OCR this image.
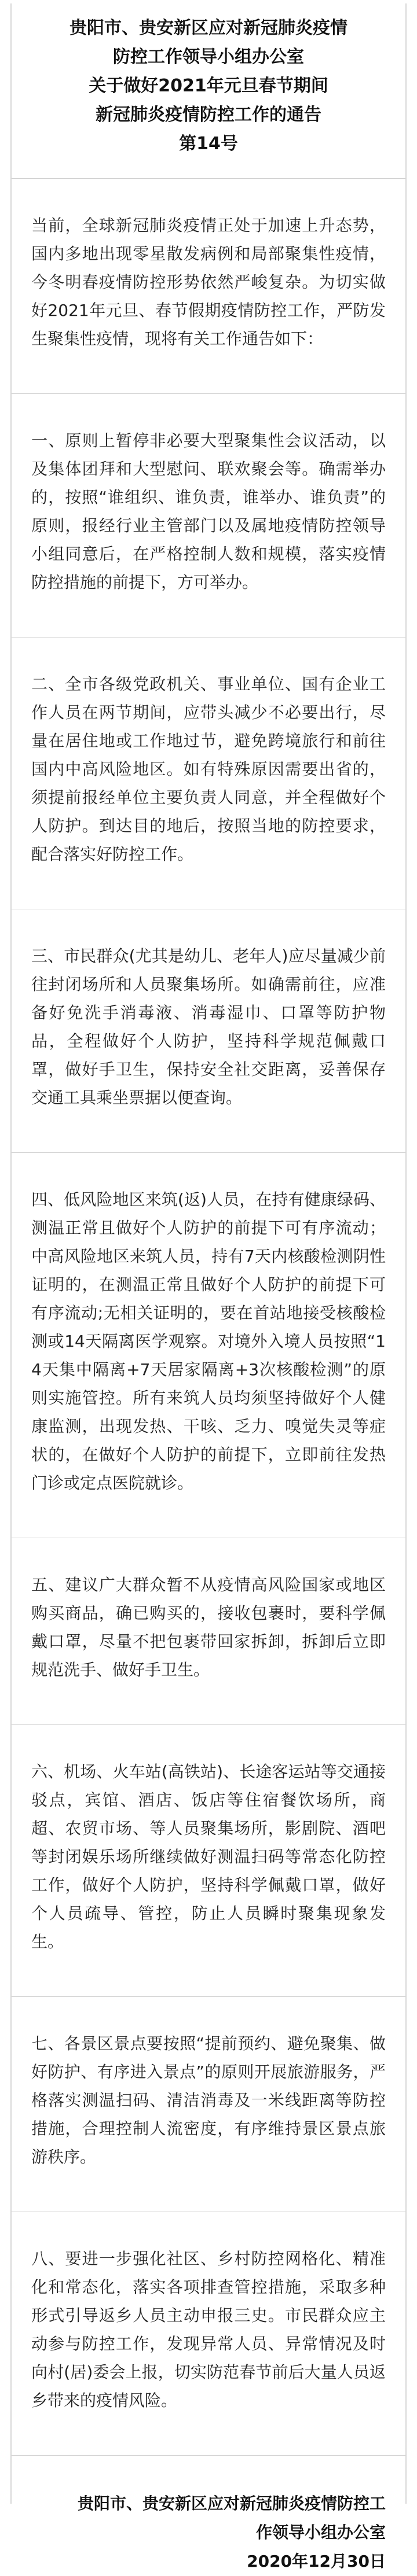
贵阳市、贵安新区应对新冠肺炎疫情

防控工作领导小组办公室

关于做好2021年元旦春节期间

新冠肺炎疫情防控工作的通告

第14号

当前，全球新冠肺炎疫情正处于加速上升态势，国内多地出现零星散发病例和局部聚集性疫情，今冬明春疫情防控形势依然严峻复杂。为切实做好2021年元旦、春节假期疫情防控工作，严防发生聚集性疫情，现将有关工作通告如下：

一、原则上暂停非必要大型聚集性会议活动，以及集体团拜和大型慰问、联欢聚会等。确需举办的，按照“谁组织、谁负责，谁举办、谁负责”的原则，报经行业主管部门以及属地疫情防控领导小组同意后，在严格控制人数和规模，落实疫情防控措施的前提下，方可举办。

二、全市各级党政机关、事业单位、国有企业工作人员在两节期间，应带头减少不必要出行，尽量在居住地或工作地过节，避免跨境旅行和前往国内中高风险地区。如有特殊原因需要出省的，须提前报经单位主要负责人同意，并全程做好个人防护。到达目的地后，按照当地的防控要求，配合落实好防控工作。

三、市民群众(尤其是幼儿、老年人)应尽量减少前往封闭场所和人员聚集场所。如确需前往，应准备好免洗手消毒液、消毒湿巾、口罩等防护物品，全程做好个人防护，坚持科学规范佩戴口罩，做好手卫生，保持安全社交距离，妥善保存交通工具乘坐票据以便查询。

四、低风险地区来筑(返)人员，在持有健康绿码、测温正常且做好个人防护的前提下可有序流动；中高风险地区来筑人员，持有7天内核酸检测阴性证明的，在测温正常且做好个人防护的前提下可有序流动;无相关证明的，要在首站地接受核酸检测或14天隔离医学观察。对境外入境人员按照“14天集中隔离+7天居家隔离+3次核酸检测”的原则实施管控。所有来筑人员均须坚持做好个人健康监测，出现发热、干咳、乏力、嗅觉失灵等症状的，在做好个人防护的前提下，立即前往发热门诊或定点医院就诊。

五、建议广大群众暂不从疫情高风险国家或地区购买商品，确已购买的，接收包裹时，要科学佩戴口罩，尽量不把包裹带回家拆卸，拆卸后立即规范洗手、做好手卫生。

六、机场、火车站(高铁站)、长途客运站等交通接驳点，宾馆、酒店、饭店等住宿餐饮场所，商超、农贸市场、等人员聚集场所，影剧院、酒吧等封闭娱乐场所继续做好测温扫码等常态化防控工作，做好个人防护，坚持科学佩戴口罩，做好个人员疏导、管控，防止人员瞬时聚集现象发生。

七、各景区景点要按照“提前预约、避免聚集、做好防护、有序进入景点”的原则开展旅游服务，严格落实测温扫码、清洁消毒及一米线距离等防控措施，合理控制人流密度，有序维持景区景点旅游秩序。

八、要进一步强化社区、乡村防控网格化、精准化和常态化，落实各项排查管控措施，采取多种形式引导返乡人员主动申报三史。市民群众应主动参与防控工作，发现异常人员、异常情况及时向村(居)委会上报，切实防范春节前后大量人员返乡带来的疫情风险。

贵阳市、贵安新区应对新冠肺炎疫情防控工
作领导小组办公室
2020年12月30日
